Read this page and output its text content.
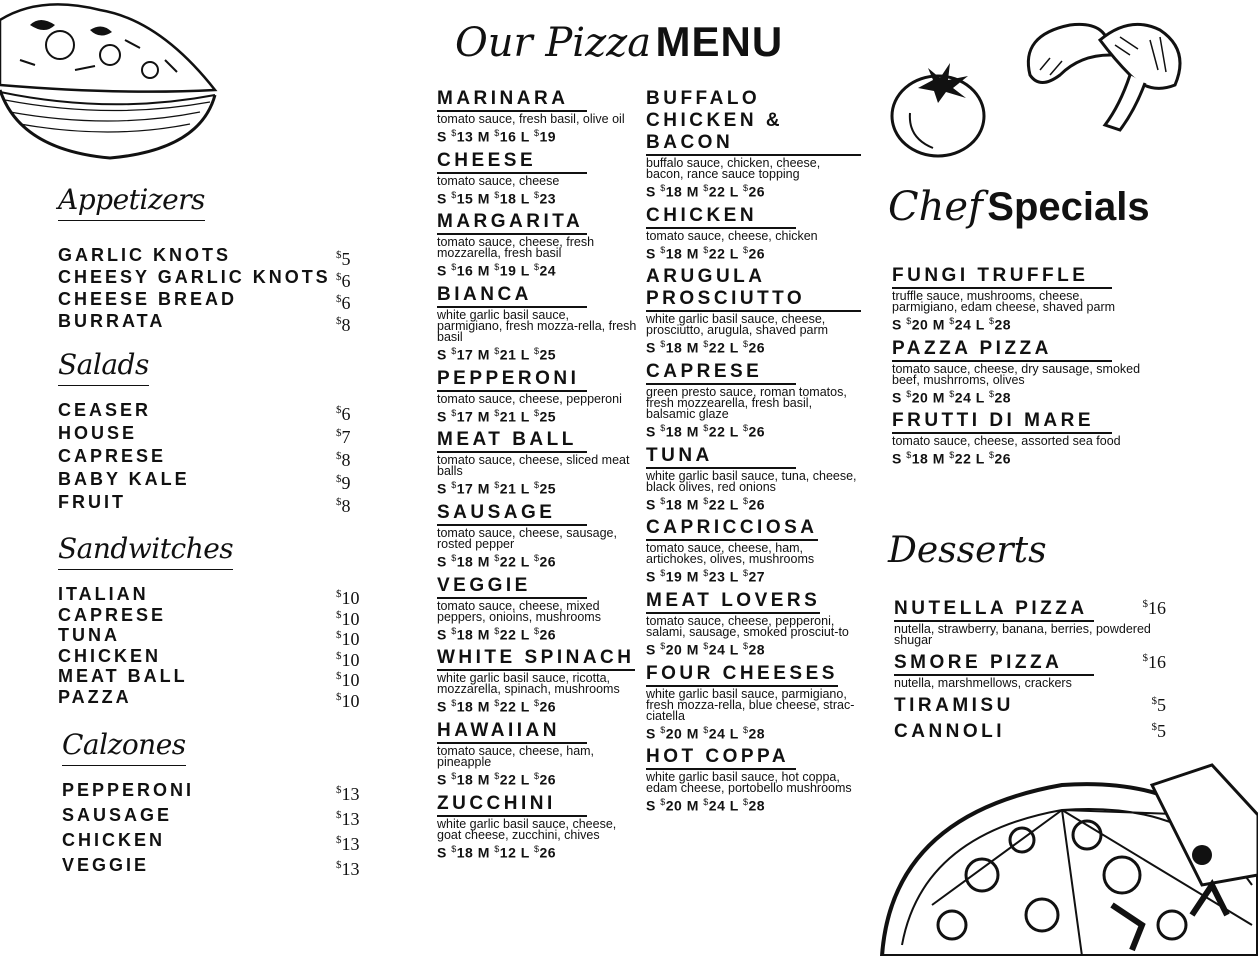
Our Pizza MENU
Appetizers
GARLIC KNOTS	$5
CHEESY GARLIC KNOTS $6
CHEESE BREAD	$6
BURRATA	$8
Salads
CEASER	$6
HOUSE	$7
CAPRESE	$8
BABY KALE	$9
FRUIT	$8
Sandwitches
ITALIAN	$10
CAPRESE	$10
TUNA	$10
CHICKEN	$10
MEAT BALL	$10
PAZZA	$10
Calzones
PEPPERONI	$13
SAUSAGE	$13
CHICKEN	$13
VEGGIE	$13
MARINARA
tomato sauce, fresh basil, olive oil
S $13 M $16 L $19
CHEESE
tomato sauce, cheese
S $15 M $18 L $23
MARGARITA
tomato sauce, cheese, fresh mozzarella, fresh basil
S $16 M $19 L $24
BIANCA
white garlic basil sauce, parmigiano, fresh mozza-rella, fresh basil
S $17 M $21 L $25
PEPPERONI
tomato sauce, cheese, pepperoni
S $17 M $21 L $25
MEAT BALL
tomato sauce, cheese, sliced meat balls
S $17 M $21 L $25
SAUSAGE
tomato sauce, cheese, sausage, rosted pepper
S $18 M $22 L $26
VEGGIE
tomato sauce, cheese, mixed peppers, onioins, mushrooms
S $18 M $22 L $26
WHITE SPINACH
white garlic basil sauce, ricotta, mozzarella, spinach, mushrooms
S $18 M $22 L $26
HAWAIIAN
tomato sauce, cheese, ham, pineapple
S $18 M $22 L $26
ZUCCHINI
white garlic basil sauce, cheese, goat cheese, zucchini, chives
S $18 M $12 L $26
BUFFALO CHICKEN & BACON
buffalo sauce, chicken, cheese, bacon, rance sauce topping
S $18 M $22 L $26
CHICKEN
tomato sauce, cheese, chicken
S $18 M $22 L $26
ARUGULA PROSCIUTTO
white garlic basil sauce, cheese, prosciutto, arugula, shaved parm
S $18 M $22 L $26
CAPRESE
green presto sauce, roman tomatos, fresh mozzearella, fresh basil, balsamic glaze
S $18 M $22 L $26
TUNA
white garlic basil sauce, tuna, cheese, black olives, red onions
S $18 M $22 L $26
CAPRICCIOSA
tomato sauce, cheese, ham, artichokes, olives, mushrooms
S $19 M $23 L $27
MEAT LOVERS
tomato sauce, cheese, pepperoni, salami, sausage, smoked prosciut-to
S $20 M $24 L $28
FOUR CHEESES
white garlic basil sauce, parmigiano, fresh mozza-rella, blue cheese, strac-ciatella
S $20 M $24 L $28
HOT COPPA
white garlic basil sauce, hot coppa, edam cheese, portobello mushrooms
S $20 M $24 L $28
Chef Specials
FUNGI TRUFFLE
truffle sauce, mushrooms, cheese, parmigiano, edam cheese, shaved parm
S $20 M $24 L $28
PAZZA PIZZA
tomato sauce, cheese, dry sausage, smoked beef, mushrroms, olives
S $20 M $24 L $28
FRUTTI DI MARE
tomato sauce, cheese, assorted sea food
S $18 M $22 L $26
Desserts
NUTELLA PIZZA	$16
nutella, strawberry, banana, berries, powdered shugar
SMORE PIZZA	$16
nutella, marshmellows, crackers
TIRAMISU	$5
CANNOLI	$5
